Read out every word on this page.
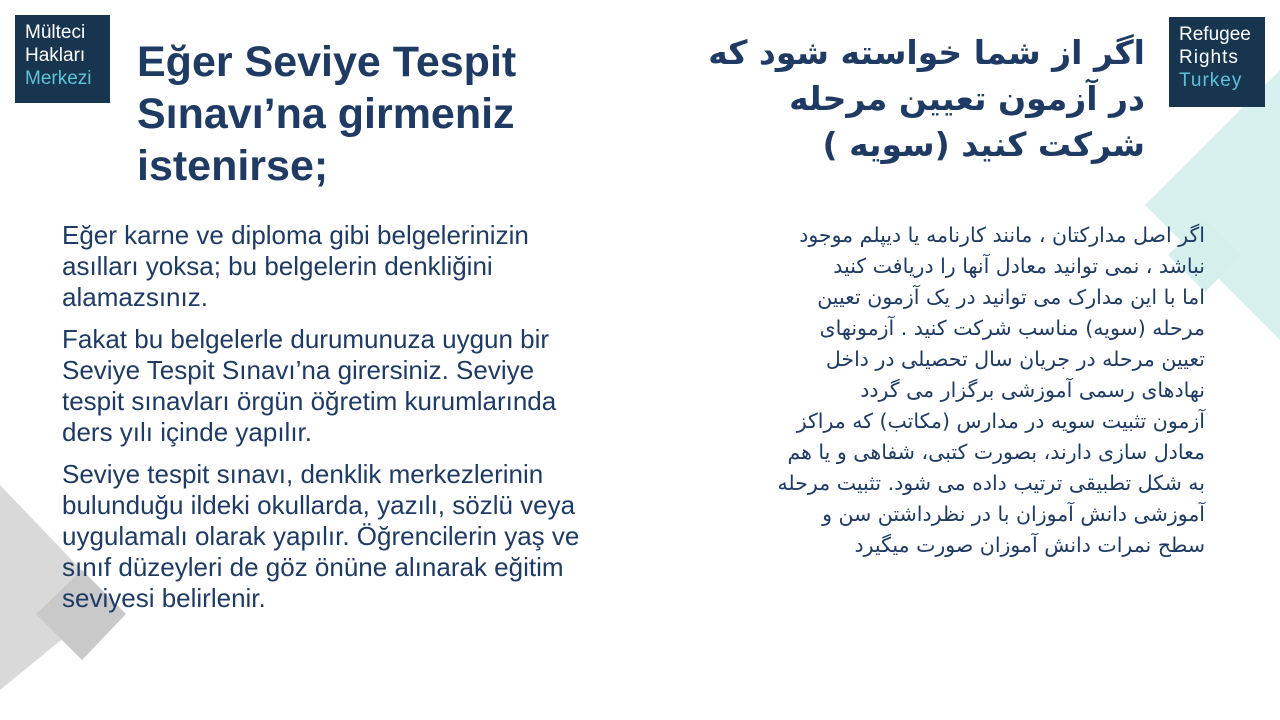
Mülteci
Hakları
Merkezi
Refugee
Rights
Turkey
Eğer Seviye Tespit Sınavı’na girmeniz istenirse;
اگر از شما خواسته شود که در آزمون تعیین مرحله شرکت کنید (سویه )

Eğer karne ve diploma gibi belgelerinizin asılları yoksa; bu belgelerin denkliğini alamazsınız.

Fakat bu belgelerle durumunuza uygun bir Seviye Tespit Sınavı’na girersiniz. Seviye tespit sınavları örgün öğretim kurumlarında ders yılı içinde yapılır.

Seviye tespit sınavı, denklik merkezlerinin bulunduğu ildeki okullarda, yazılı, sözlü veya uygulamalı olarak yapılır. Öğrencilerin yaş ve sınıf düzeyleri de göz önüne alınarak eğitim seviyesi belirlenir.

اگر اصل مدارکتان ، مانند کارنامه یا دیپلم موجود
نباشد ، نمی توانید معادل آنها را دریافت کنید
اما با این مدارک می توانید در یک آزمون تعیین
مرحله (سویه) مناسب شرکت کنید . آزمونهای
تعیین مرحله در جریان سال تحصیلی در داخل
نهادهای رسمی آموزشی برگزار می گردد
آزمون تثبیت سویه در مدارس (مکاتب) که مراکز
معادل سازی دارند، بصورت کتبی، شفاهی و یا هم
به شکل تطبیقی ترتیب داده می شود. تثبیت مرحله
آموزشی دانش آموزان با در نظرداشتن سن و
سطح نمرات دانش آموزان صورت میگیرد
